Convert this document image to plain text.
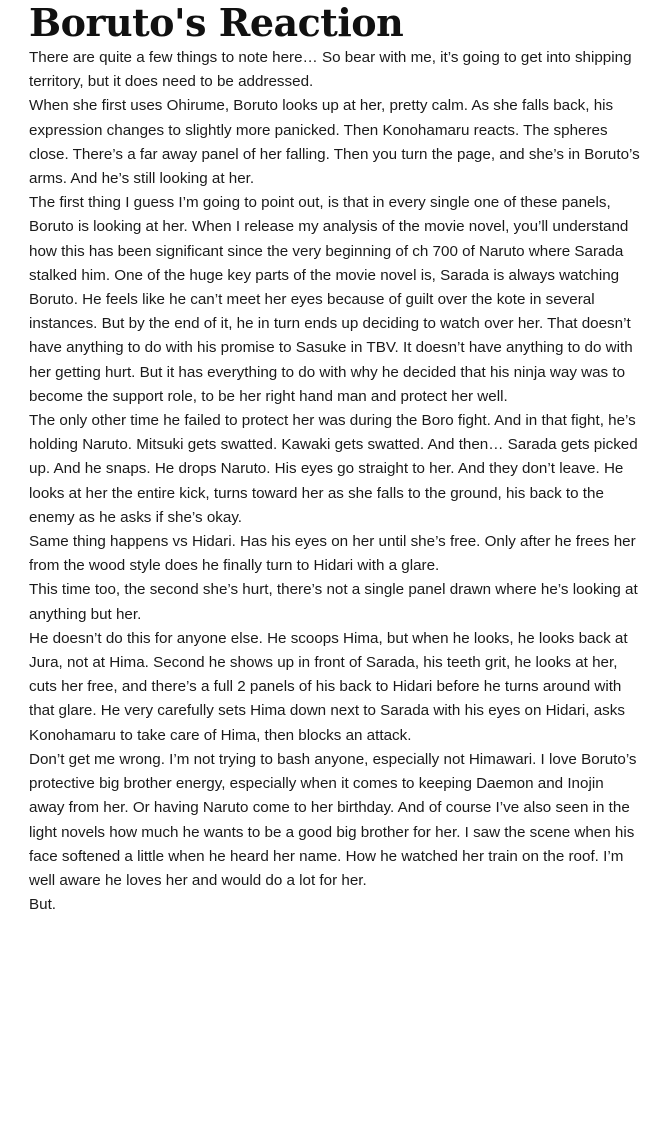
Boruto's Reaction

There are quite a few things to note here… So bear with me, it’s going to get into shipping territory, but it does need to be addressed.

When she first uses Ohirume, Boruto looks up at her, pretty calm. As she falls back, his expression changes to slightly more panicked. Then Konohamaru reacts. The spheres close. There’s a far away panel of her falling. Then you turn the page, and she’s in Boruto’s arms. And he’s still looking at her.

The first thing I guess I’m going to point out, is that in every single one of these panels, Boruto is looking at her. When I release my analysis of the movie novel, you’ll understand how this has been significant since the very beginning of ch 700 of Naruto where Sarada stalked him. One of the huge key parts of the movie novel is, Sarada is always watching Boruto. He feels like he can’t meet her eyes because of guilt over the kote in several instances. But by the end of it, he in turn ends up deciding to watch over her. That doesn’t have anything to do with his promise to Sasuke in TBV. It doesn’t have anything to do with her getting hurt. But it has everything to do with why he decided that his ninja way was to become the support role, to be her right hand man and protect her well.

The only other time he failed to protect her was during the Boro fight. And in that fight, he’s holding Naruto. Mitsuki gets swatted. Kawaki gets swatted. And then… Sarada gets picked up. And he snaps. He drops Naruto. His eyes go straight to her. And they don’t leave. He looks at her the entire kick, turns toward her as she falls to the ground, his back to the enemy as he asks if she’s okay.

Same thing happens vs Hidari. Has his eyes on her until she’s free. Only after he frees her from the wood style does he finally turn to Hidari with a glare.

This time too, the second she’s hurt, there’s not a single panel drawn where he’s looking at anything but her.

He doesn’t do this for anyone else. He scoops Hima, but when he looks, he looks back at Jura, not at Hima. Second he shows up in front of Sarada, his teeth grit, he looks at her, cuts her free, and there’s a full 2 panels of his back to Hidari before he turns around with that glare. He very carefully sets Hima down next to Sarada with his eyes on Hidari, asks Konohamaru to take care of Hima, then blocks an attack.

Don’t get me wrong. I’m not trying to bash anyone, especially not Himawari. I love Boruto’s protective big brother energy, especially when it comes to keeping Daemon and Inojin away from her. Or having Naruto come to her birthday. And of course I’ve also seen in the light novels how much he wants to be a good big brother for her. I saw the scene when his face softened a little when he heard her name. How he watched her train on the roof. I’m well aware he loves her and would do a lot for her.

But.
